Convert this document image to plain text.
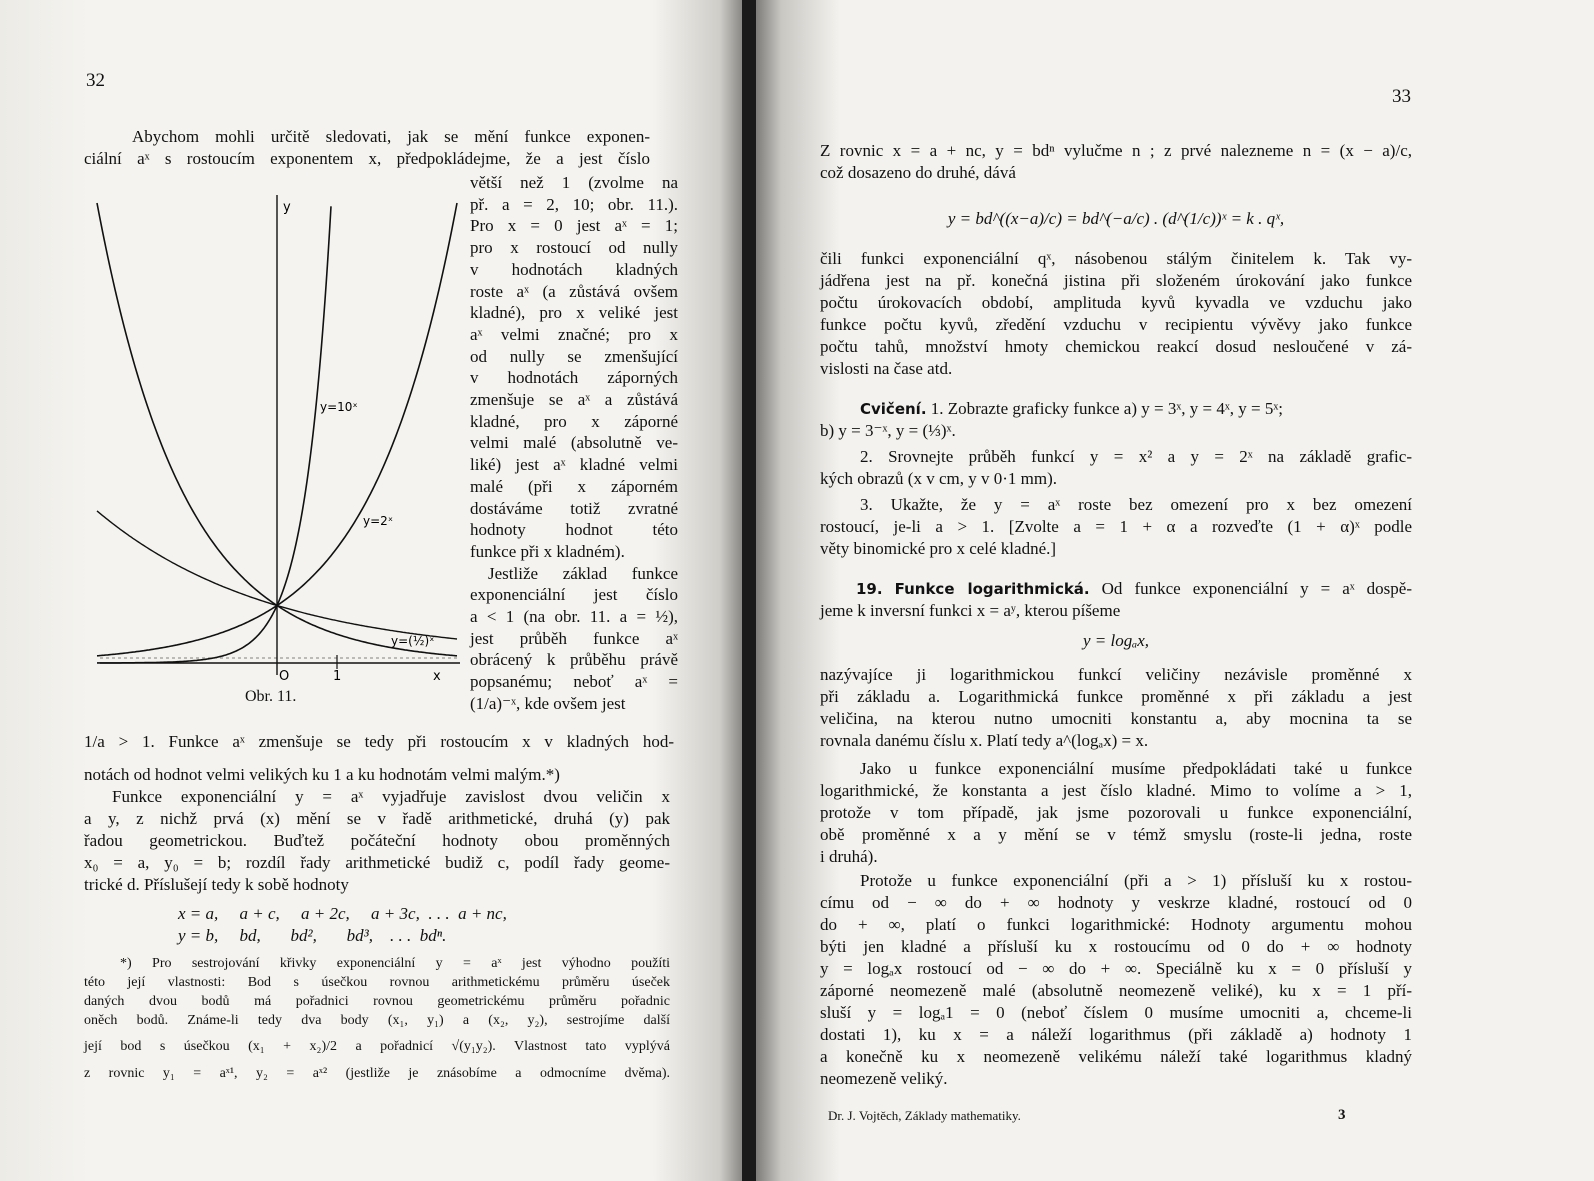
32
Abychom mohli určitě sledovati, jak se mění funkce exponen-
ciální aˣ s rostoucím exponentem x, předpokládejme, že a jest číslo
větší než 1 (zvolme na
př. a = 2, 10; obr. 11.).
Pro x = 0 jest aˣ = 1;
pro x rostoucí od nully
v hodnotách kladných
roste aˣ (a zůstává ovšem
kladné), pro x veliké jest
aˣ velmi značné; pro x
od nully se zmenšující
v hodnotách záporných
zmenšuje se aˣ a zůstává
kladné, pro x záporné
velmi malé (absolutně ve-
liké) jest aˣ kladné velmi
malé (při x záporném
dostáváme totiž zvratné
hodnoty hodnot této
funkce při x kladném).
Jestliže základ funkce
exponenciální jest číslo
a < 1 (na obr. 11. a = ½),
jest průběh funkce aˣ
obrácený k průběhu právě
popsanému; neboť aˣ =
(1/a)⁻ˣ, kde ovšem jest
y
O	1	x
y=10ˣ
y=2ˣ
y=(½)ˣ
Obr. 11.
1/a > 1. Funkce aˣ zmenšuje se tedy při rostoucím x v kladných hod-
notách od hodnot velmi velikých ku 1 a ku hodnotám velmi malým.*)
Funkce exponenciální y = aˣ vyjadřuje zavislost dvou veličin x
a y, z nichž prvá (x) mění se v řadě arithmetické, druhá (y) pak
řadou geometrickou. Buďtež počáteční hodnoty obou proměnných
x₀ = a, y₀ = b; rozdíl řady arithmetické budiž c, podíl řady geome-
trické d. Příslušejí tedy k sobě hodnoty
x = a,     a + c,     a + 2c,     a + 3c,  . . .  a + nc,
y = b,     bd,       bd²,       bd³,    . . .  bdⁿ.
*) Pro sestrojování křivky exponenciální y = aˣ jest výhodno použíti
této její vlastnosti: Bod s úsečkou rovnou arithmetickému průměru úseček
daných dvou bodů má pořadnici rovnou geometrickému průměru pořadnic
oněch bodů. Známe-li tedy dva body (x₁, y₁) a (x₂, y₂), sestrojíme další
její bod s úsečkou (x₁ + x₂)/2 a pořadnicí √(y₁y₂). Vlastnost tato vyplývá
z rovnic y₁ = aˣ¹, y₂ = aˣ² (jestliže je znásobíme a odmocníme dvěma).
33
Z rovnic x = a + nc, y = bdⁿ vylučme n ; z prvé nalezneme n = (x − a)/c,
což dosazeno do druhé, dává
y = bd^((x−a)/c) = bd^(−a/c) . (d^(1/c))ˣ = k . qˣ,
čili funkci exponenciální qˣ, násobenou stálým činitelem k. Tak vy-
jádřena jest na př. konečná jistina při složeném úrokování jako funkce
počtu úrokovacích období, amplituda kyvů kyvadla ve vzduchu jako
funkce počtu kyvů, zředění vzduchu v recipientu vývěvy jako funkce
počtu tahů, množství hmoty chemickou reakcí dosud nesloučené v zá-
vislosti na čase atd.
Cvičení. 1. Zobrazte graficky funkce a) y = 3ˣ, y = 4ˣ, y = 5ˣ;
b) y = 3⁻ˣ, y = (⅓)ˣ.
2. Srovnejte průběh funkcí y = x² a y = 2ˣ na základě grafic-
kých obrazů (x v cm, y v 0·1 mm).
3. Ukažte, že y = aˣ roste bez omezení pro x bez omezení
rostoucí, je-li a > 1. [Zvolte a = 1 + α a rozveďte (1 + α)ˣ podle
věty binomické pro x celé kladné.]
19. Funkce logarithmická. Od funkce exponenciální y = aˣ dospě-
jeme k inversní funkci x = aʸ, kterou píšeme
y = logₐx,
nazývajíce ji logarithmickou funkcí veličiny nezávisle proměnné x
při základu a. Logarithmická funkce proměnné x při základu a jest
veličina, na kterou nutno umocniti konstantu a, aby mocnina ta se
rovnala danému číslu x. Platí tedy a^(logₐx) = x.
Jako u funkce exponenciální musíme předpokládati také u funkce
logarithmické, že konstanta a jest číslo kladné. Mimo to volíme a > 1,
protože v tom případě, jak jsme pozorovali u funkce exponenciální,
obě proměnné x a y mění se v témž smyslu (roste-li jedna, roste
i druhá).
Protože u funkce exponenciální (při a > 1) přísluší ku x rostou-
címu od − ∞ do + ∞ hodnoty y veskrze kladné, rostoucí od 0
do + ∞, platí o funkci logarithmické: Hodnoty argumentu mohou
býti jen kladné a přísluší ku x rostoucímu od 0 do + ∞ hodnoty
y = logₐx rostoucí od − ∞ do + ∞. Speciálně ku x = 0 přísluší y
záporné neomezeně malé (absolutně neomezeně veliké), ku x = 1 pří-
sluší y = logₐ1 = 0 (neboť číslem 0 musíme umocniti a, chceme-li
dostati 1), ku x = a náleží logarithmus (při základě a) hodnoty 1
a konečně ku x neomezeně velikému náleží také logarithmus kladný
neomezeně veliký.
Dr. J. Vojtěch, Základy mathematiky.	3
